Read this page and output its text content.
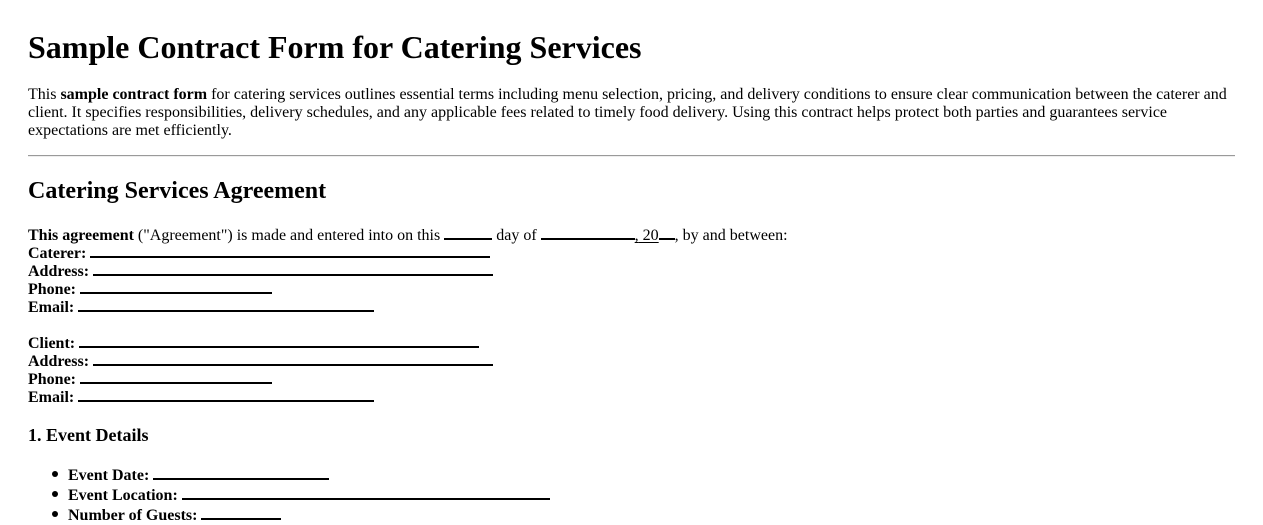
Sample Contract Form for Catering Services

This sample contract form for catering services outlines essential terms including menu selection, pricing, and delivery conditions to ensure clear communication between the caterer and client. It specifies responsibilities, delivery schedules, and any applicable fees related to timely food delivery. Using this contract helps protect both parties and guarantees service expectations are met efficiently.

Catering Services Agreement
This agreement ("Agreement") is made and entered into on this	day of	, 20 , by and between:
Caterer:
Address:
Phone:
Email:
Client:
Address:
Phone:
Email:
1. Event Details
Event Date:
Event Location:
Number of Guests:
